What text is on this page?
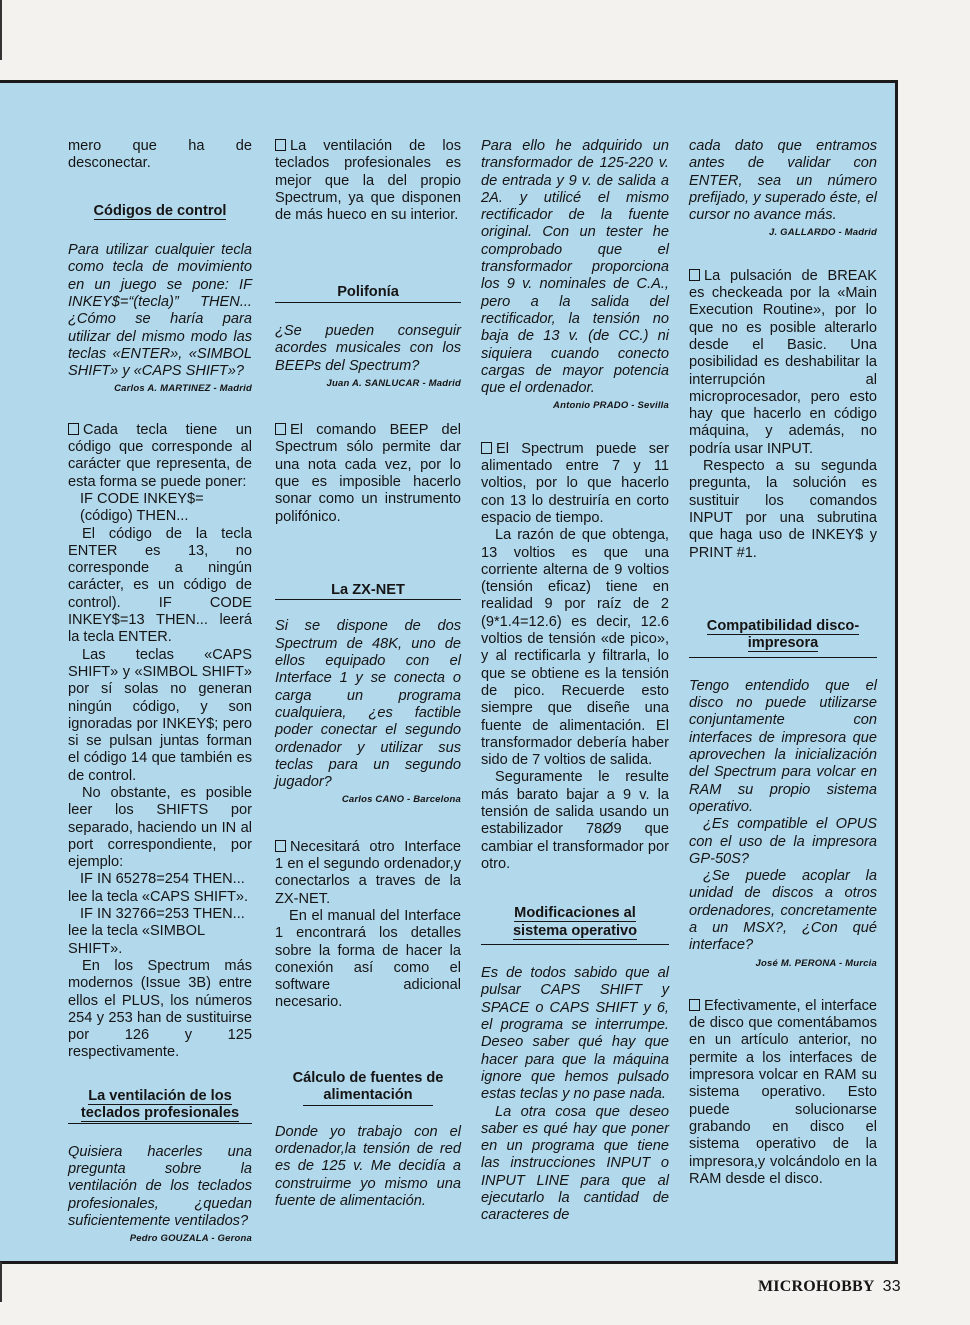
mero que ha de desconectar.

Códigos de control

Para utilizar cualquier tecla como tecla de movimiento en un juego se pone: IF INKEY$=“(tecla)” THEN... ¿Cómo se haría para utilizar del mismo modo las teclas «ENTER», «SIMBOL SHIFT» y «CAPS SHIFT»?

Carlos A. MARTINEZ - Madrid

Cada tecla tiene un código que corresponde al carácter que representa, de esta forma se puede poner:

IF CODE INKEY$=(código) THEN...

El código de la tecla ENTER es 13, no corresponde a ningún carácter, es un código de control). IF CODE INKEY$=13 THEN... leerá la tecla ENTER.

Las teclas «CAPS SHIFT» y «SIMBOL SHIFT» por sí solas no generan ningún código, y son ignoradas por INKEY$; pero si se pulsan juntas forman el código 14 que también es de control.

No obstante, es posible leer los SHIFTS por separado, haciendo un IN al port correspondiente, por ejemplo:

IF IN 65278=254 THEN...

lee la tecla «CAPS SHIFT».

IF IN 32766=253 THEN...

lee la tecla «SIMBOL SHIFT».

En los Spectrum más modernos (Issue 3B) entre ellos el PLUS, los números 254 y 253 han de sustituirse por 126 y 125 respectivamente.

La ventilación de los teclados profesionales

Quisiera hacerles una pregunta sobre la ventilación de los teclados profesionales, ¿quedan suficientemente ventilados?

Pedro GOUZALA - Gerona

La ventilación de los teclados profesionales es mejor que la del propio Spectrum, ya que disponen de más hueco en su interior.

Polifonía

¿Se pueden conseguir acordes musicales con los BEEPs del Spectrum?

Juan A. SANLUCAR - Madrid

El comando BEEP del Spectrum sólo permite dar una nota cada vez, por lo que es imposible hacerlo sonar como un instrumento polifónico.

La ZX-NET

Si se dispone de dos Spectrum de 48K, uno de ellos equipado con el Interface 1 y se conecta o carga un programa cualquiera, ¿es factible poder conectar el segundo ordenador y utilizar sus teclas para un segundo jugador?

Carlos CANO - Barcelona

Necesitará otro Interface 1 en el segundo ordenador,y conectarlos a traves de la ZX-NET.

En el manual del Interface 1 encontrará los detalles sobre la forma de hacer la conexión así como el software adicional necesario.

Cálculo de fuentes de alimentación

Donde yo trabajo con el ordenador,la tensión de red es de 125 v. Me decidía a construirme yo mismo una fuente de alimentación.

Para ello he adquirido un transformador de 125-220 v. de entrada y 9 v. de salida a 2A. y utilicé el mismo rectificador de la fuente original. Con un tester he comprobado que el transformador proporciona los 9 v. nominales de C.A., pero a la salida del rectificador, la tensión no baja de 13 v. (de CC.) ni siquiera cuando conecto cargas de mayor potencia que el ordenador.

Antonio PRADO - Sevilla

El Spectrum puede ser alimentado entre 7 y 11 voltios, por lo que hacerlo con 13 lo destruiría en corto espacio de tiempo.

La razón de que obtenga, 13 voltios es que una corriente alterna de 9 voltios (tensión eficaz) tiene en realidad 9 por raíz de 2 (9*1.4=12.6) es decir, 12.6 voltios de tensión «de pico», y al rectificarla y filtrarla, lo que se obtiene es la tensión de pico. Recuerde esto siempre que diseñe una fuente de alimentación. El transformador debería haber sido de 7 voltios de salida.

Seguramente le resulte más barato bajar a 9 v. la tensión de salida usando un estabilizador 78Ø9 que cambiar el transformador por otro.

Modificaciones al sistema operativo

Es de todos sabido que al pulsar CAPS SHIFT y SPACE o CAPS SHIFT y 6, el programa se interrumpe. Deseo saber qué hay que hacer para que la máquina ignore que hemos pulsado estas teclas y no pase nada.

La otra cosa que deseo saber es qué hay que poner en un programa que tiene las instrucciones INPUT o INPUT LINE para que al ejecutarlo la cantidad de caracteres de

cada dato que entramos antes de validar con ENTER, sea un número prefijado, y superado éste, el cursor no avance más.

J. GALLARDO - Madrid

La pulsación de BREAK es checkeada por la «Main Execution Routine», por lo que no es posible alterarlo desde el Basic. Una posibilidad es deshabilitar la interrupción al microprocesador, pero esto hay que hacerlo en código máquina, y además, no podría usar INPUT.

Respecto a su segunda pregunta, la solución es sustituir los comandos INPUT por una subrutina que haga uso de INKEY$ y PRINT #1.

Compatibilidad disco-impresora

Tengo entendido que el disco no puede utilizarse conjuntamente con interfaces de impresora que aprovechen la inicialización del Spectrum para volcar en RAM su propio sistema operativo.

¿Es compatible el OPUS con el uso de la impresora GP-50S?

¿Se puede acoplar la unidad de discos a otros ordenadores, concretamente a un MSX?, ¿Con qué interface?

José M. PERONA - Murcia

Efectivamente, el interface de disco que comentábamos en un artículo anterior, no permite a los interfaces de impresora volcar en RAM su sistema operativo. Esto puede solucionarse grabando en disco el sistema operativo de la impresora,y volcándolo en la RAM desde el disco.

MICROHOBBY 33
